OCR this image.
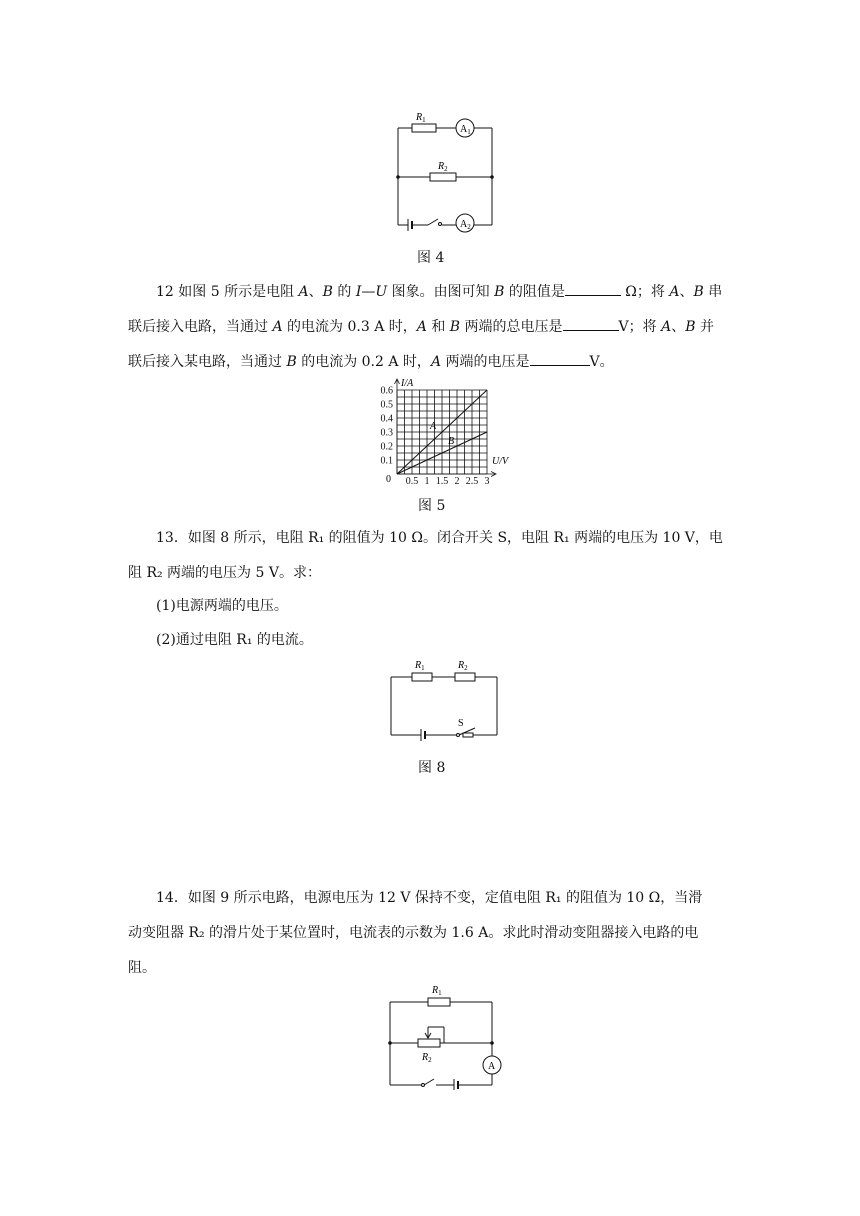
$R_1$
$R_2$
$A_1$
$A_2$
图 4
12 如图 5 所示是电阻 A、B 的 I—U 图象。由图可知 B 的阻值是	Ω；将 A、B 串
联后接入电路，当通过 A 的电流为 0.3 A 时，A 和 B 两端的总电压是	V；将 A、B 并
联后接入某电路，当通过 B 的电流为 0.2 A 时，A 两端的电压是	V。
0.5 1 1.5 2 2.5 3
0.1
0.2
0.3
0.4
0.5
0.6
I/A
U/V
0
A
B
图 5
13．如图 8 所示，电阻 R₁ 的阻值为 10 Ω。闭合开关 S，电阻 R₁ 两端的电压为 10 V，电
阻 R₂ 两端的电压为 5 V。求：
(1)电源两端的电压。
(2)通过电阻 R₁ 的电流。
$R_1$	$R_2$
S
图 8
14．如图 9 所示电路，电源电压为 12 V 保持不变，定值电阻 R₁ 的阻值为 10 Ω，当滑
动变阻器 R₂ 的滑片处于某位置时，电流表的示数为 1.6 A。求此时滑动变阻器接入电路的电
阻。
$R_1$
$R_2$
A
